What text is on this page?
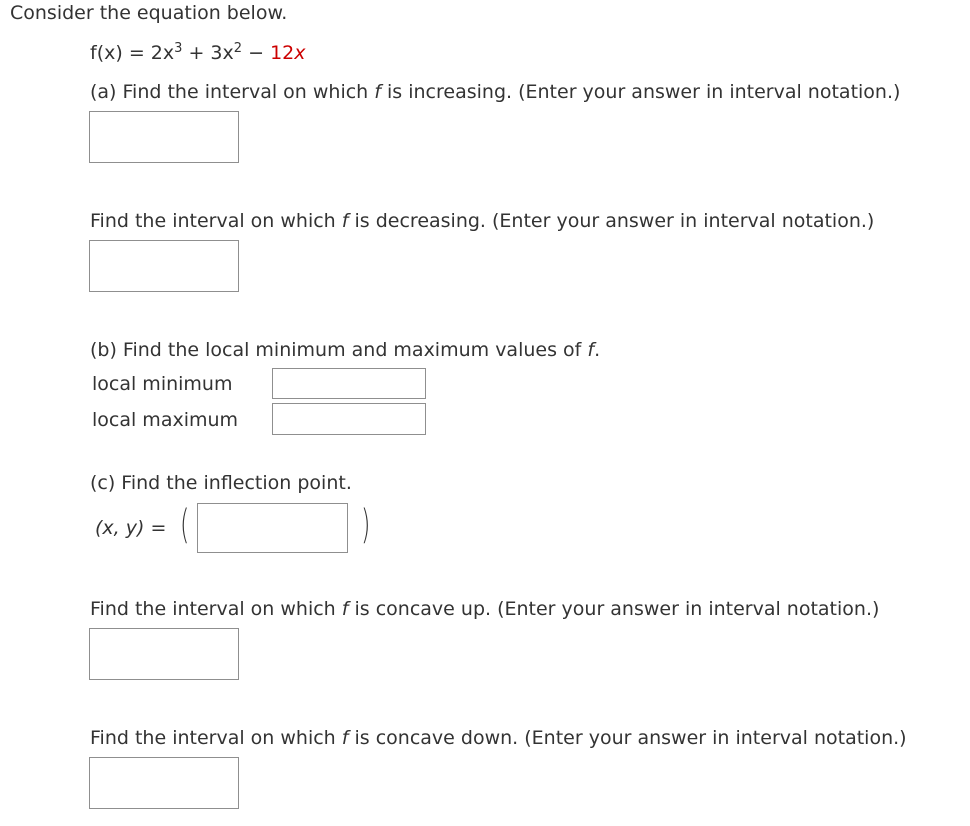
Consider the equation below.
$f(x) = 2x^3 + 3x^2 - 12x$
(a) Find the interval on which f is increasing. (Enter your answer in interval notation.)
Find the interval on which f is decreasing. (Enter your answer in interval notation.)
(b) Find the local minimum and maximum values of f.
local minimum
local maximum
(c) Find the inflection point.
(x, y) = (	)
Find the interval on which f is concave up. (Enter your answer in interval notation.)
Find the interval on which f is concave down. (Enter your answer in interval notation.)
